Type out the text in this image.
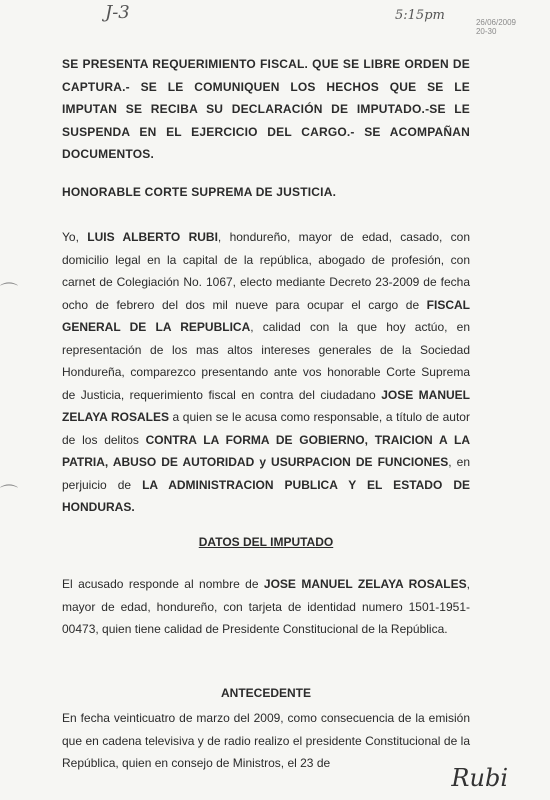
J-3	5:15pm	26/06/2009
20-30
⌒
⌒
SE PRESENTA REQUERIMIENTO FISCAL. QUE SE LIBRE ORDEN DE CAPTURA.- SE LE COMUNIQUEN LOS HECHOS QUE SE LE IMPUTAN SE RECIBA SU DECLARACIÓN DE IMPUTADO.-SE LE SUSPENDA EN EL EJERCICIO DEL CARGO.- SE ACOMPAÑAN DOCUMENTOS.
HONORABLE CORTE SUPREMA DE JUSTICIA.
Yo, LUIS ALBERTO RUBI, hondureño, mayor de edad, casado, con domicilio legal en la capital de la república, abogado de profesión, con carnet de Colegiación No. 1067, electo mediante Decreto 23-2009 de fecha ocho de febrero del dos mil nueve para ocupar el cargo de FISCAL GENERAL DE LA REPUBLICA, calidad con la que hoy actúo, en representación de los mas altos intereses generales de la Sociedad Hondureña, comparezco presentando ante vos honorable Corte Suprema de Justicia, requerimiento fiscal en contra del ciudadano JOSE MANUEL ZELAYA ROSALES a quien se le acusa como responsable, a título de autor de los delitos CONTRA LA FORMA DE GOBIERNO, TRAICION A LA PATRIA, ABUSO DE AUTORIDAD y USURPACION DE FUNCIONES, en perjuicio de LA ADMINISTRACION PUBLICA Y EL ESTADO DE HONDURAS.
DATOS DEL IMPUTADO
El acusado responde al nombre de JOSE MANUEL ZELAYA ROSALES, mayor de edad, hondureño, con tarjeta de identidad numero 1501-1951-00473, quien tiene calidad de Presidente Constitucional de la República.
ANTECEDENTE
En fecha veinticuatro de marzo del 2009, como consecuencia de la emisión que en cadena televisiva y de radio realizo el presidente Constitucional de la República, quien en consejo de Ministros, el 23 de
Rubi
